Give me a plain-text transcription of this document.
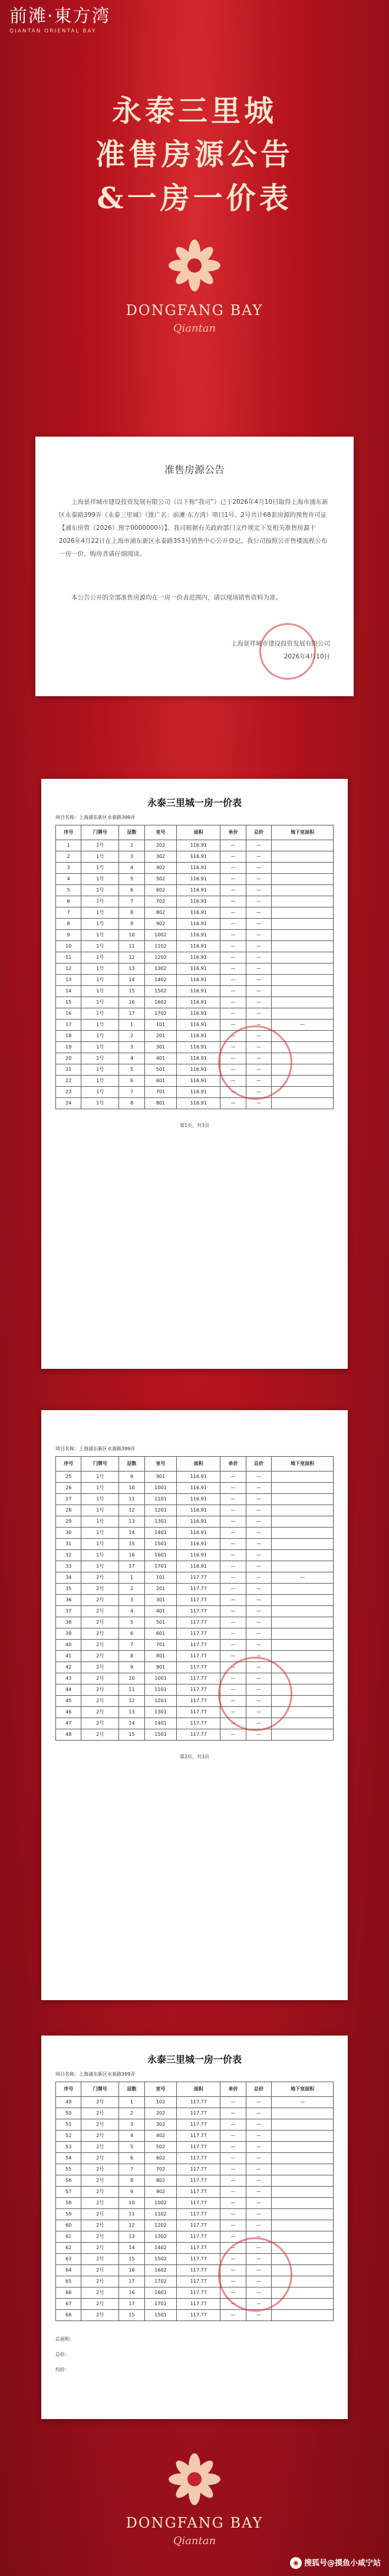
前滩·東方湾
QIANTAN ORIENTAL BAY
永泰三里城
准售房源公告
&一房一价表
DONGFANG BAY
Qiantan
准售房源公告
上海景祥城市建设投资发展有限公司（以下称“我司”）已于2026年4月10日取得上海市浦东新区永泰路399弄《永泰三里城》（推广名：前滩·东方湾）项目1号、2号共计68套房源的预售许可证【浦东房管（2026）预字0000000号】。我司根据有关政府部门文件规定下发相关准售房源于2026年4月22日在上海市浦东新区永泰路353号销售中心公开登记。我公司按照公开售楼流程公布一房一价。购房者请仔细阅读。
本公告公开的全部准售房源均在一房一价表范围内，请以现场销售资料为准。
上海景祥城市建设投资发展有限公司
2026年4月10日
永泰三里城一房一价表
项目名称：上海浦东新区永泰路399弄
序号	门牌号	层数	室号	面积	单价	总价	地下室面积
1	1号	2	202	116.91	—	—	
2	1号	3	302	116.91	—	—	
3	1号	4	402	116.91	—	—	
4	1号	5	502	116.91	—	—	
5	1号	6	602	116.91	—	—	
6	1号	7	702	116.91	—	—	
7	1号	8	802	116.91	—	—	
8	1号	9	902	116.91	—	—	
9	1号	10	1002	116.91	—	—	
10	1号	11	1102	116.91	—	—	
11	1号	12	1202	116.91	—	—	
12	1号	13	1302	116.91	—	—	
13	1号	14	1402	116.91	—	—	
14	1号	15	1502	116.91	—	—	
15	1号	16	1602	116.91	—	—	
16	1号	17	1702	116.91	—	—	
17	1号	1	101	116.91	—	—	—
18	1号	2	201	116.91	—	—	
19	1号	3	301	116.91	—	—	
20	1号	4	401	116.91	—	—	
21	1号	5	501	116.91	—	—	
22	1号	6	601	116.91	—	—	
23	1号	7	701	116.91	—	—	
24	1号	8	801	116.91	—	—	
第1页，共3页
项目名称：上海浦东新区永泰路399弄
序号	门牌号	层数	室号	面积	单价	总价	地下室面积
25	1号	9	901	116.91	—	—	
26	1号	10	1001	116.91	—	—	
27	1号	11	1101	116.91	—	—	
28	1号	12	1201	116.91	—	—	
29	1号	13	1301	116.91	—	—	
30	1号	14	1401	116.91	—	—	
31	1号	15	1501	116.91	—	—	
32	1号	16	1601	116.91	—	—	
33	1号	17	1701	116.91	—	—	
34	2号	1	101	117.77	—	—	—
35	2号	2	201	117.77	—	—	
36	2号	3	301	117.77	—	—	
37	2号	4	401	117.77	—	—	
38	2号	5	501	117.77	—	—	
39	2号	6	601	117.77	—	—	
40	2号	7	701	117.77	—	—	
41	2号	8	801	117.77	—	—	
42	2号	9	901	117.77	—	—	
43	2号	10	1001	117.77	—	—	
44	2号	11	1101	117.77	—	—	
45	2号	12	1201	117.77	—	—	
46	2号	13	1301	117.77	—	—	
47	2号	14	1401	117.77	—	—	
48	2号	15	1501	117.77	—	—	
第2页，共3页
永泰三里城一房一价表
项目名称：上海浦东新区永泰路399弄
序号	门牌号	层数	室号	面积	单价	总价	地下室面积
49	2号	1	102	117.77	—	—	—
50	2号	2	202	117.77	—	—	
51	2号	3	302	117.77	—	—	
52	2号	4	402	117.77	—	—	
53	2号	5	502	117.77	—	—	
54	2号	6	602	117.77	—	—	
55	2号	7	702	117.77	—	—	
56	2号	8	802	117.77	—	—	
57	2号	9	902	117.77	—	—	
58	2号	10	1002	117.77	—	—	
59	2号	11	1102	117.77	—	—	
60	2号	12	1202	117.77	—	—	
61	2号	13	1302	117.77	—	—	
62	2号	14	1402	117.77	—	—	
63	2号	15	1502	117.77	—	—	
64	2号	16	1602	117.77	—	—	
65	2号	17	1702	117.77	—	—	
66	2号	16	1601	117.77	—	—	
67	2号	17	1701	117.77	—	—	
68	2号	15	1501	117.77	—	—	
总面积：
总价：
均价：
DONGFANG BAY
Qiantan
◉ 搜狐号@摸鱼小咸宁站
